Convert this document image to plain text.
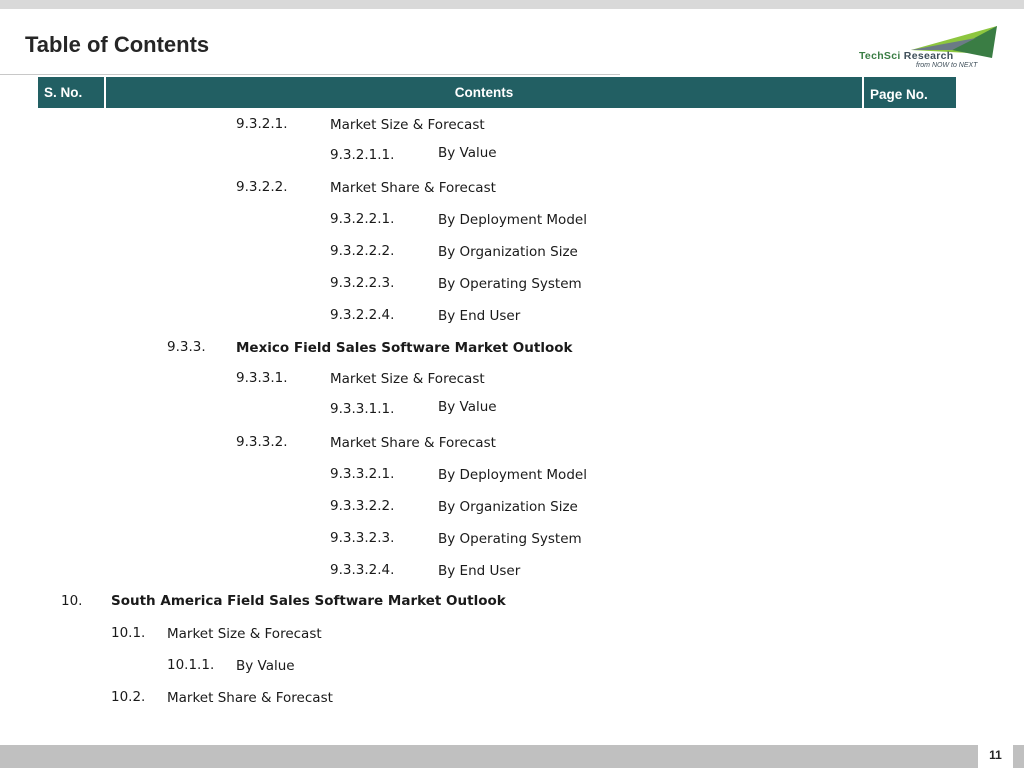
Table of Contents	TechSci Research
from NOW to NEXT
S. No.	Contents	Page No.
9.3.2.1.	Market Size & Forecast
9.3.2.1.1.	By Value
9.3.2.2.	Market Share & Forecast
9.3.2.2.1.	By Deployment Model
9.3.2.2.2.	By Organization Size
9.3.2.2.3.	By Operating System
9.3.2.2.4.	By End User
9.3.3. Mexico Field Sales Software Market Outlook
9.3.3.1.	Market Size & Forecast
9.3.3.1.1.	By Value
9.3.3.2.	Market Share & Forecast
9.3.3.2.1.	By Deployment Model
9.3.3.2.2.	By Organization Size
9.3.3.2.3.	By Operating System
9.3.3.2.4.	By End User
10. South America Field Sales Software Market Outlook
10.1. Market Size & Forecast
10.1.1. By Value
10.2. Market Share & Forecast
11
